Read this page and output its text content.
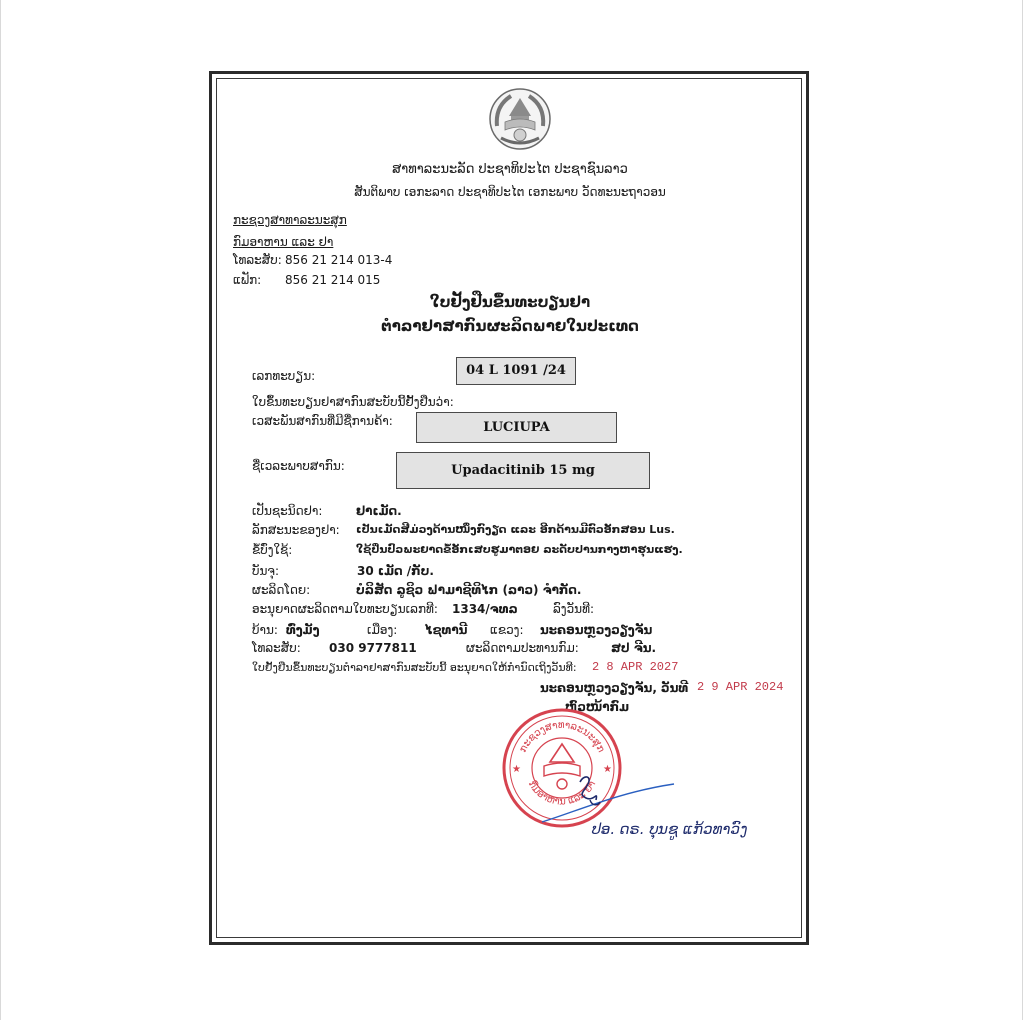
ສາທາລະນະລັດ ປະຊາທິປະໄຕ ປະຊາຊົນລາວ
ສັນຕິພາບ ເອກະລາດ ປະຊາທິປະໄຕ ເອກະພາບ ວັດທະນະຖາວອນ
ກະຊວງສາທາລະນະສຸກ
ກົມອາຫານ ແລະ ຢາ
ໂທລະສັບ: 856 21 214 013-4
ແຟັກ: 856 21 214 015
ໃບຢັ້ງຢືນຂຶ້ນທະບຽນຢາ
ຕຳລາຢາສາກົນຜະລິດພາຍໃນປະເທດ
ເລກທະບຽນ:	04 L 1091 /24
ໃບຂຶ້ນທະບຽນຢາສາກົນສະບັບນີ້ຢັ້ງຢືນວ່າ:
ເວສະພັນສາກົນທີ່ມີຊື່ການຄ້າ:	LUCIUPA
ຊື່ເວລະພາບສາກົນ:	Upadacitinib 15 mg
ເປັນຊະນິດຢາ:	ຢາເມັດ.
ລັກສະນະຂອງຢາ: ເປັນເມັດສີມ່ວງດ້ານໜຶ່ງກົງຽດ ແລະ ອີກດ້ານມີຕົວອັກສອນ Lus.
ຂໍ້ບົ່ງໃຊ້:	ໃຊ້ປິ່ນປົວພະຍາດຂໍ້ອັກເສບຮູມາຕອຍ ລະດັບປານກາງຫາຮຸນແຮງ.
ບັນຈຸ:	30 ເມັດ /ກັບ.
ຜະລິດໂດຍ:	ບໍລິສັດ ລູຊິວ ຟາມາຊີທິໄກ (ລາວ) ຈຳກັດ.
ອະນຸຍາດຜະລິດຕາມໃບທະບຽນເລກທີ: 1334/ຈທລ	ລົງວັນທີ:
ບ້ານ: ທົ່ງມັງ	ເມືອງ: ໄຊທານີ ແຂວງ: ນະຄອນຫຼວງວຽງຈັນ
ໂທລະສັບ: 030 9777811	ຜະລິດຕາມປະທານກົມ:	ສປ ຈີນ.
ໃບຢັ້ງຢືນຂຶ້ນທະບຽນຕຳລາຢາສາກົນສະບັບນີ້ ອະນຸຍາດໃຫ້ກຳນົດເຖິງວັນທີ: 2 8 APR 2027
ນະຄອນຫຼວງວຽງຈັນ, ວັນທີ 2 9 APR 2024
ຫົວໜ້າກົມ
ກະຊວງສາທາລະນະສຸກ
ກົມອາຫານ ແລະ ຢາ
★	★
ປອ. ດຣ. ບຸນຊູ ແກ້ວທາວົງ
